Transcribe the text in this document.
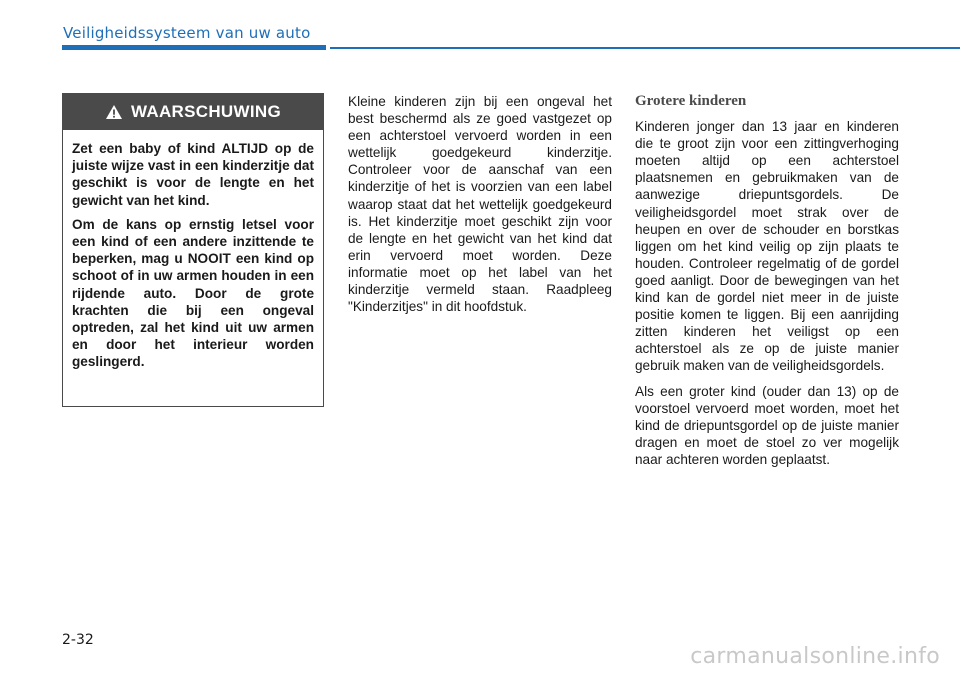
Veiligheidssysteem van uw auto
WAARSCHUWING

Zet een baby of kind ALTIJD op de juiste wijze vast in een kinderzitje dat geschikt is voor de lengte en het gewicht van het kind.

Om de kans op ernstig letsel voor een kind of een andere inzittende te beperken, mag u NOOIT een kind op schoot of in uw armen houden in een rijdende auto. Door de grote krachten die bij een ongeval optreden, zal het kind uit uw armen en door het interieur worden geslingerd.

Kleine kinderen zijn bij een ongeval het best beschermd als ze goed vastgezet op een achterstoel vervoerd worden in een wettelijk goedgekeurd kinderzitje. Controleer voor de aanschaf van een kinderzitje of het is voorzien van een label waarop staat dat het wettelijk goedgekeurd is. Het kinderzitje moet geschikt zijn voor de lengte en het gewicht van het kind dat erin vervoerd moet worden. Deze informatie moet op het label van het kinderzitje vermeld staan. Raadpleeg "Kinderzitjes" in dit hoofdstuk.

Grotere kinderen

Kinderen jonger dan 13 jaar en kinderen die te groot zijn voor een zittingverhoging moeten altijd op een achterstoel plaatsnemen en gebruikmaken van de aanwezige driepuntsgordels. De veiligheidsgordel moet strak over de heupen en over de schouder en borstkas liggen om het kind veilig op zijn plaats te houden. Controleer regelmatig of de gordel goed aanligt. Door de bewegingen van het kind kan de gordel niet meer in de juiste positie komen te liggen. Bij een aanrijding zitten kinderen het veiligst op een achterstoel als ze op de juiste manier gebruik maken van de veiligheidsgordels.

Als een groter kind (ouder dan 13) op de voorstoel vervoerd moet worden, moet het kind de driepuntsgordel op de juiste manier dragen en moet de stoel zo ver mogelijk naar achteren worden geplaatst.

2-32
carmanualsonline.info
